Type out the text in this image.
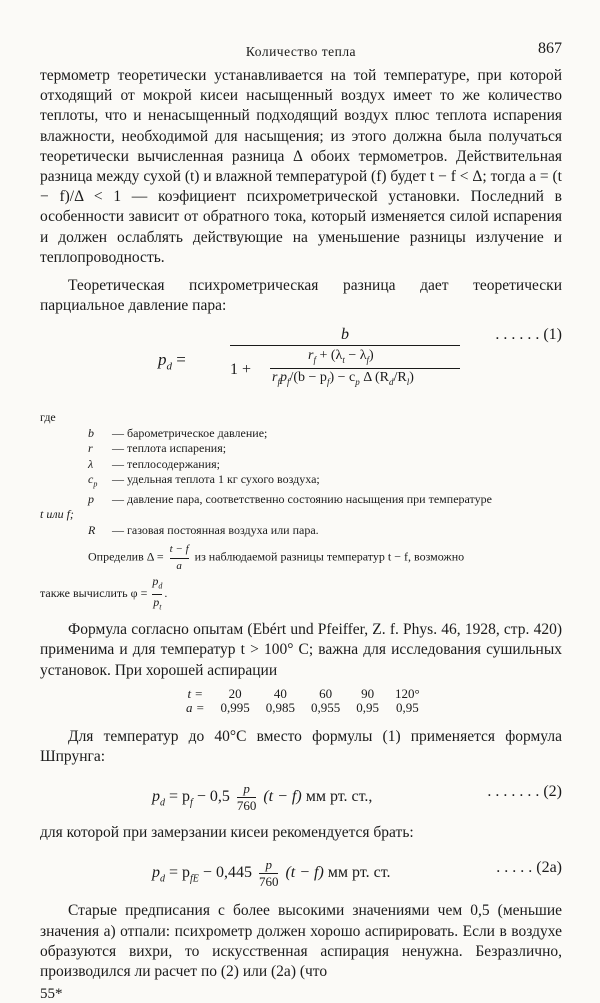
Количество тепла	867

термометр теоретически устанавливается на той температуре, при которой отходящий от мокрой кисеи насыщенный воздух имеет то же количество теплоты, что и ненасыщенный подходящий воздух плюс теплота испарения влажности, необходимой для насыщения; из этого должна была получаться теоретически вычисленная разница Δ обоих термометров. Действительная разница между сухой (t) и влажной температурой (f) будет t − f < Δ; тогда a = (t − f)/Δ < 1 — коэфициент психрометрической установки. Последний в особенности зависит от обратного тока, который изменяется силой испарения и должен ослаблять действующие на уменьшение разницы излучение и теплопроводность.

Теоретическая психрометрическая разница дает теоретически парциальное давление пара:

$p_d$ =
b
$r_f + (\lambda_t - \lambda_f)$
$1 + r_fp_f/(b - p_f) - c_p$ Δ $(R_d/R_l)$
. . . . . . (1)
где
b — барометрическое давление;
r — теплота испарения;
λ — теплосодержания;
$c_p$ — удельная теплота 1 кг сухого воздуха;
p — давление пара, соответственно состоянию насыщения при температуре
t или f;
R — газовая постоянная воздуха или пара.
Определив $\Delta = \frac{t - f}{a}$ из наблюдаемой разницы температур t − f, возможно
также вычислить $\varphi = \frac{p_d}{p_t}$ .

Формула согласно опытам (Ebért und Pfeiffer, Z. f. Phys. 46, 1928, стр. 420) применима и для температур t > 100° С; важна для исследования сушильных установок. При хорошей аспирации

t =	20	40	60	90	120°
a =	0,995	0,985	0,955	0,95	0,95

Для температур до 40°С вместо формулы (1) применяется формула Шпрунга:

$p_d = p_f - 0,5 \frac{p}{760} (t - f)$ мм рт. ст.,	. . . . . . . (2)

для которой при замерзании кисеи рекомендуется брать:

$p_d = p_{fE} - 0,445 \frac{p}{760} (t - f)$ мм рт. ст.	. . . . . (2a)

Старые предписания с более высокими значениями чем 0,5 (меньшие значения a) отпали: психрометр должен хорошо аспирировать. Если в воздухе образуются вихри, то искусственная аспирация ненужна. Безразлично, производился ли расчет по (2) или (2a) (что

55*
